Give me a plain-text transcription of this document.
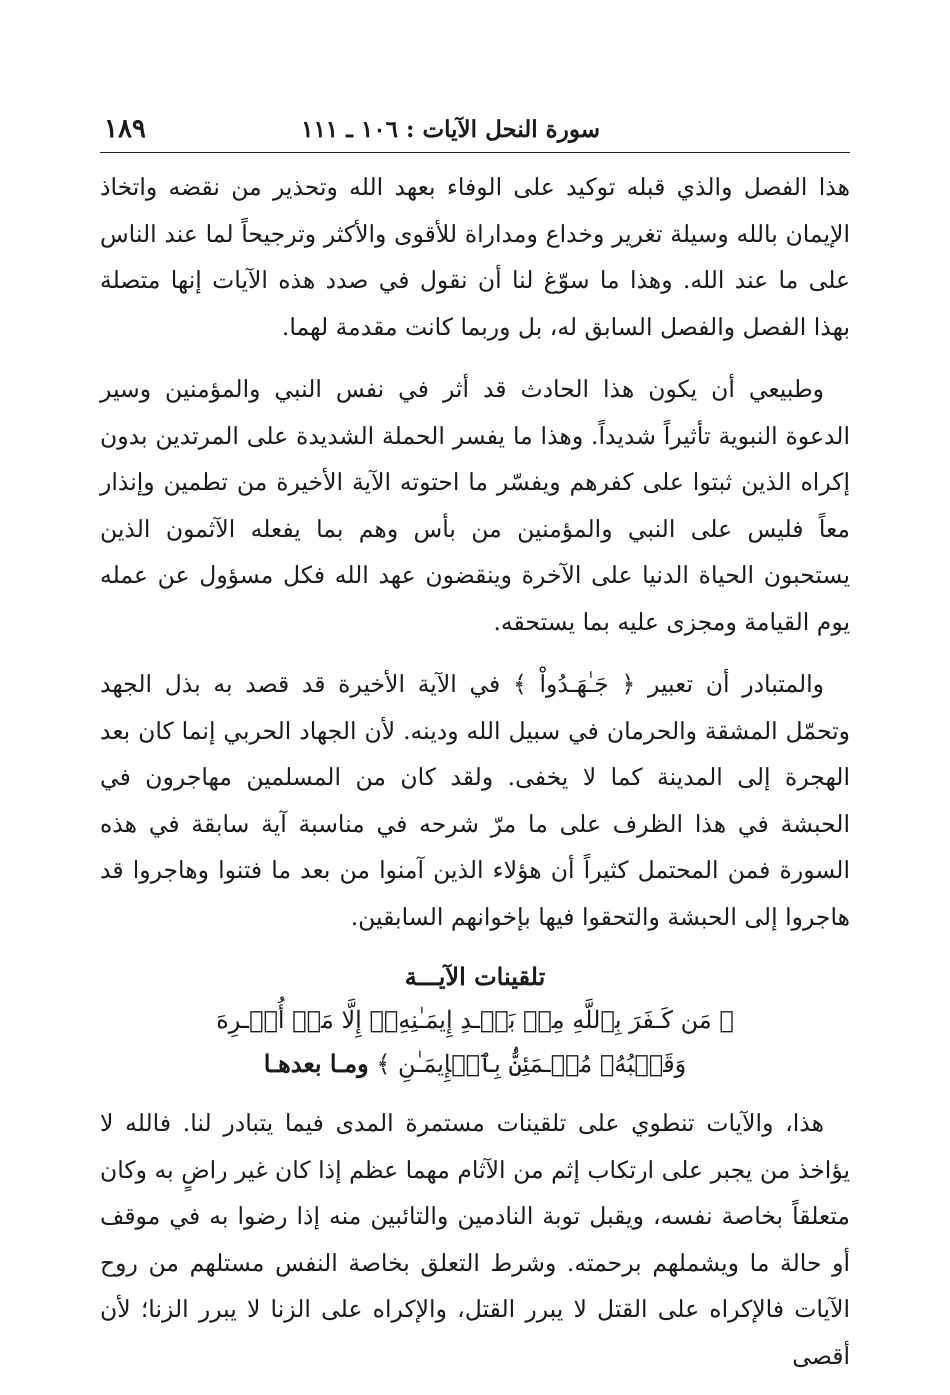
سورة النحل الآيات : ١٠٦ ـ ١١١
١٨٩

هذا الفصل والذي قبله توكيد على الوفاء بعهد الله وتحذير من نقضه واتخاذ الإيمان بالله وسيلة تغرير وخداع ومداراة للأقوى والأكثر وترجيحاً لما عند الناس على ما عند الله. وهذا ما سوّغ لنا أن نقول في صدد هذه الآيات إنها متصلة بهذا الفصل والفصل السابق له، بل وربما كانت مقدمة لهما.

وطبيعي أن يكون هذا الحادث قد أثر في نفس النبي والمؤمنين وسير الدعوة النبوية تأثيراً شديداً. وهذا ما يفسر الحملة الشديدة على المرتدين بدون إكراه الذين ثبتوا على كفرهم ويفسّر ما احتوته الآية الأخيرة من تطمين وإنذار معاً فليس على النبي والمؤمنين من بأس وهم بما يفعله الآثمون الذين يستحبون الحياة الدنيا على الآخرة وينقضون عهد الله فكل مسؤول عن عمله يوم القيامة ومجزى عليه بما يستحقه.

والمتبادر أن تعبير ﴿ جَـٰهَـدُواْ ﴾ في الآية الأخيرة قد قصد به بذل الجهد وتحمّل المشقة والحرمان في سبيل الله ودينه. لأن الجهاد الحربي إنما كان بعد الهجرة إلى المدينة كما لا يخفى. ولقد كان من المسلمين مهاجرون في الحبشة في هذا الظرف على ما مرّ شرحه في مناسبة آية سابقة في هذه السورة فمن المحتمل كثيراً أن هؤلاء الذين آمنوا من بعد ما فتنوا وهاجروا قد هاجروا إلى الحبشة والتحقوا فيها بإخوانهم السابقين.

تلقينات الآيـــة
﴿ مَن كَـفَرَ بِٱللَّهِ مِنۢ بَعۡـدِ إِيمَـٰنِهِۦٓ إِلَّا مَنۡ أُكۡـرِهَ
وَقَلۡبُهُۥ مُطۡـمَئِنُّۢ بِٱلۡإِيمَـٰنِ ﴾ ومـا بعدهـا

هذا، والآيات تنطوي على تلقينات مستمرة المدى فيما يتبادر لنا. فالله لا يؤاخذ من يجبر على ارتكاب إثم من الآثام مهما عظم إذا كان غير راضٍ به وكان متعلقاً بخاصة نفسه، ويقبل توبة النادمين والتائبين منه إذا رضوا به في موقف أو حالة ما ويشملهم برحمته. وشرط التعلق بخاصة النفس مستلهم من روح الآيات فالإكراه على القتل لا يبرر القتل، والإكراه على الزنا لا يبرر الزنا؛ لأن أقصى
